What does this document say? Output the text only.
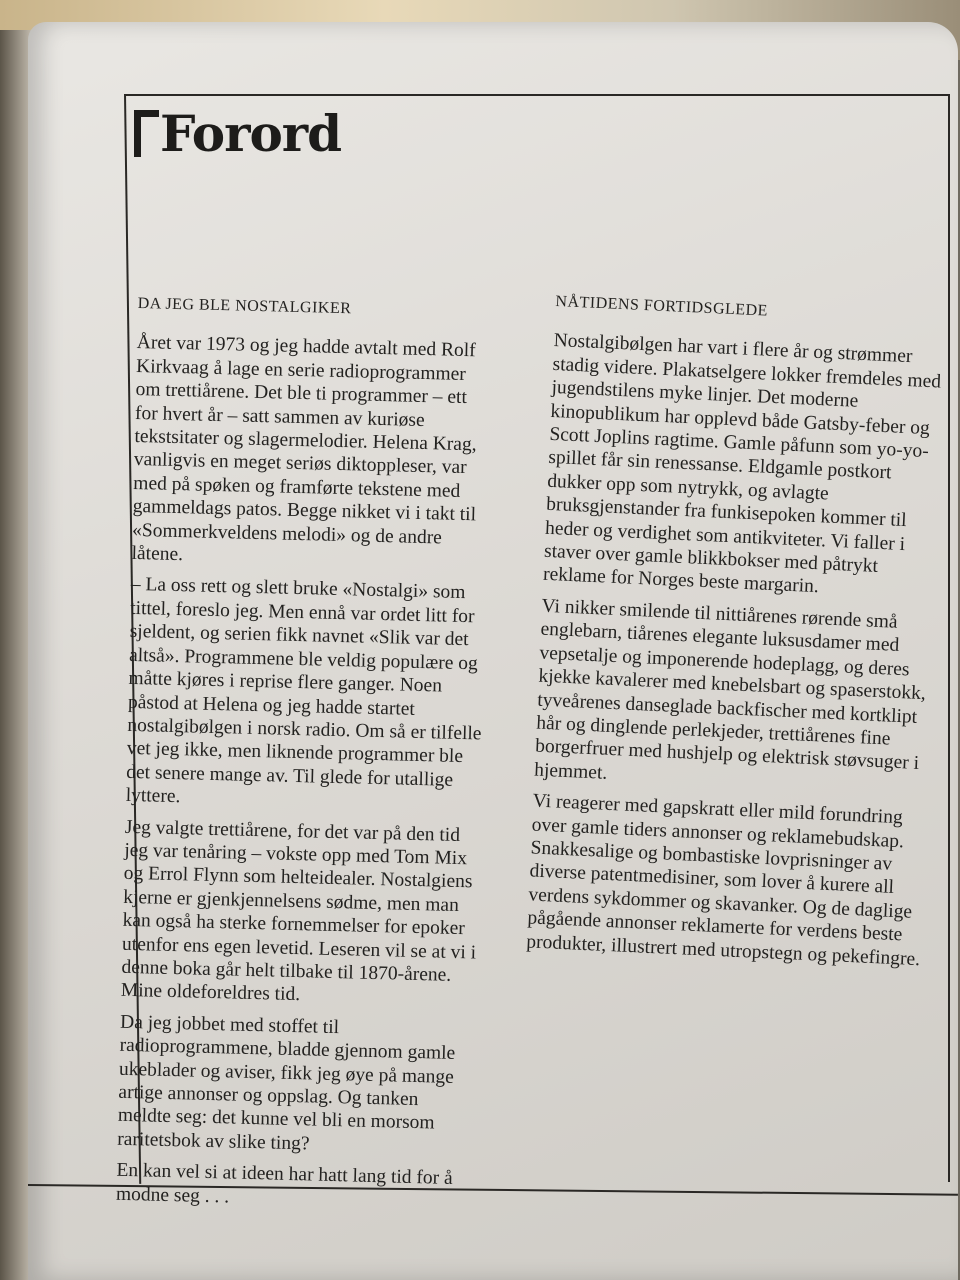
Forord
DA JEG BLE NOSTALGIKER

Året var 1973 og jeg hadde avtalt med Rolf Kirkvaag å lage en serie radioprogrammer om trettiårene. Det ble ti programmer – ett for hvert år – satt sammen av kuriøse tekstsitater og slagermelodier. Helena Krag, vanligvis en meget seriøs diktoppleser, var med på spøken og framførte tekstene med gammeldags patos. Begge nikket vi i takt til «Sommerkveldens melodi» og de andre låtene.

– La oss rett og slett bruke «Nostalgi» som tittel, foreslo jeg. Men ennå var ordet litt for sjeldent, og serien fikk navnet «Slik var det altså». Programmene ble veldig populære og måtte kjøres i reprise flere ganger. Noen påstod at Helena og jeg hadde startet nostalgibølgen i norsk radio. Om så er tilfelle vet jeg ikke, men liknende programmer ble det senere mange av. Til glede for utallige lyttere.

Jeg valgte trettiårene, for det var på den tid jeg var tenåring – vokste opp med Tom Mix og Errol Flynn som helteidealer. Nostalgiens kjerne er gjenkjennelsens sødme, men man kan også ha sterke fornemmelser for epoker utenfor ens egen levetid. Leseren vil se at vi i denne boka går helt tilbake til 1870-årene. Mine oldeforeldres tid.

Da jeg jobbet med stoffet til radioprogrammene, bladde gjennom gamle ukeblader og aviser, fikk jeg øye på mange artige annonser og oppslag. Og tanken meldte seg: det kunne vel bli en morsom raritetsbok av slike ting?

En kan vel si at ideen har hatt lang tid for å modne seg . . .

NÅTIDENS FORTIDSGLEDE

Nostalgibølgen har vart i flere år og strømmer stadig videre. Plakatselgere lokker fremdeles med jugendstilens myke linjer. Det moderne kinopublikum har opplevd både Gatsby-feber og Scott Joplins ragtime. Gamle påfunn som yo-yo-spillet får sin renessanse. Eldgamle postkort dukker opp som nytrykk, og avlagte bruksgjenstander fra funkisepoken kommer til heder og verdighet som antikviteter. Vi faller i staver over gamle blikkbokser med påtrykt reklame for Norges beste margarin.

Vi nikker smilende til nittiårenes rørende små englebarn, tiårenes elegante luksusdamer med vepsetalje og imponerende hodeplagg, og deres kjekke kavalerer med knebelsbart og spaserstokk, tyveårenes danseglade backfischer med kortklipt hår og dinglende perlekjeder, trettiårenes fine borgerfruer med hushjelp og elektrisk støvsuger i hjemmet.

Vi reagerer med gapskratt eller mild forundring over gamle tiders annonser og reklamebudskap. Snakkesalige og bombastiske lovprisninger av diverse patentmedisiner, som lover å kurere all verdens sykdommer og skavanker. Og de daglige pågående annonser reklamerte for verdens beste produkter, illustrert med utropstegn og pekefingre.
